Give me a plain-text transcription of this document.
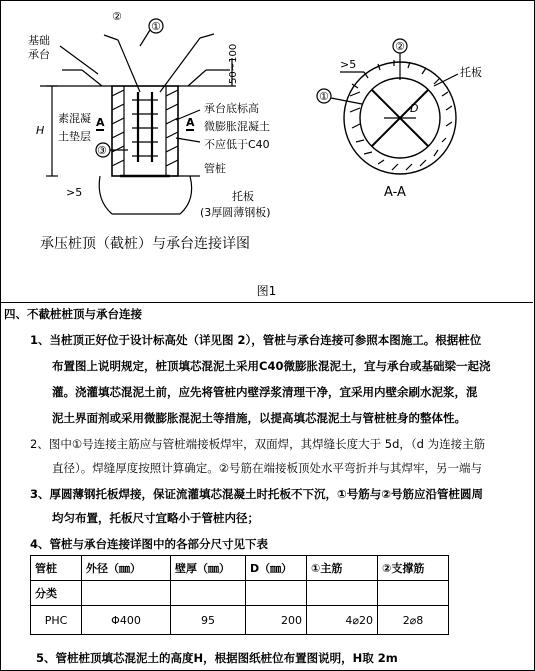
基础
承台
②
①
50~100
H
素混凝
土垫层
A	A
③
>5
承台底标高
微膨胀混凝土
不应低于C40
管桩
托板
(3厚圆薄钢板)
承压桩顶（截桩）与承台连接详图
②
①
>5
托板
D
A-A
图1
四、不截桩桩顶与承台连接
1、当桩顶正好位于设计标高处（详见图 2），管桩与承台连接可参照本图施工。根据桩位
布置图上说明规定，桩顶填芯混泥土采用C40微膨胀混泥土，宜与承台或基础梁一起浇
灌。浇灌填芯混泥土前，应先将管桩内壁浮浆清理干净，宜采用内壁余刷水泥浆，混
泥土界面剂或采用微膨胀混泥土等措施，以提高填芯混泥土与管桩桩身的整体性。
2、图中①号连接主筋应与管桩端接板焊牢，双面焊，其焊缝长度大于 5d，（d 为连接主筋
直径）。焊缝厚度按照计算确定。②号筋在端接板顶处水平弯折并与其焊牢，另一端与
3、厚圆薄钢托板焊接，保证流灌填芯混凝土时托板不下沉，①号筋与②号筋应沿管桩圆周
均匀布置，托板尺寸宜略小于管桩内径；
4、管桩与承台连接详图中的各部分尺寸见下表
管桩	外径（㎜）	壁厚（㎜）	D（㎜）	①主筋	②支撑筋
分类					
PHC	Φ400	95	200	4⌀20	2⌀8
5、管桩桩顶填芯混泥土的高度H，根据图纸桩位布置图说明，H取 2m
